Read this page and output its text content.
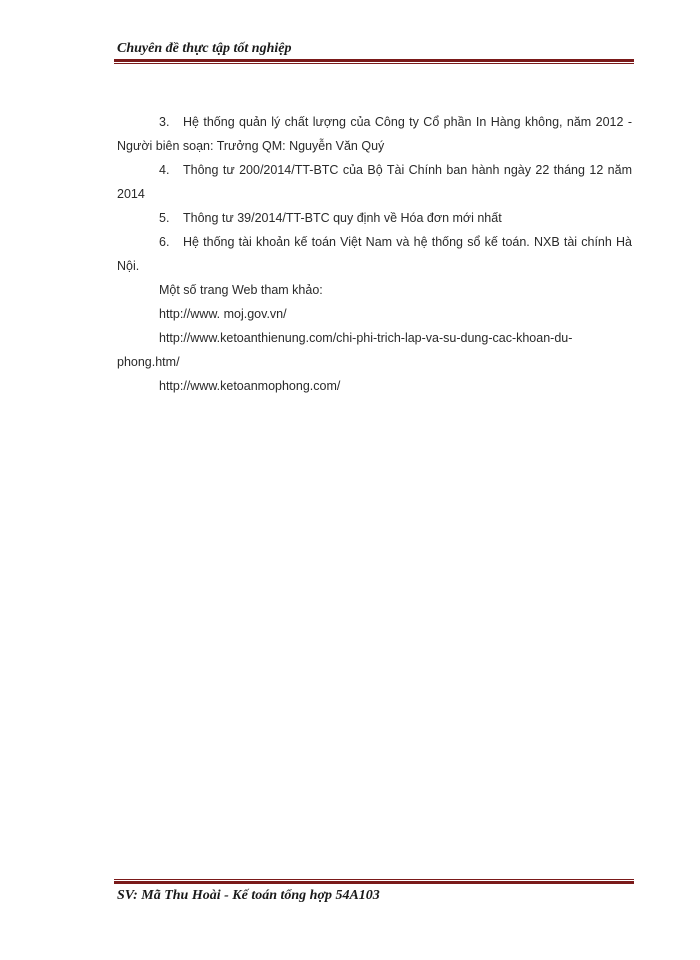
Chuyên đề thực tập tốt nghiệp

3. Hệ thống quản lý chất lượng của Công ty Cổ phần In Hàng không, năm 2012 - Người biên soạn: Trưởng QM: Nguyễn Văn Quý

4. Thông tư 200/2014/TT-BTC của Bộ Tài Chính ban hành ngày 22 tháng 12 năm 2014

5. Thông tư 39/2014/TT-BTC quy định về Hóa đơn mới nhất

6. Hệ thống tài khoản kế toán Việt Nam và hệ thống sổ kế toán. NXB tài chính Hà Nội.

Một số trang Web tham khảo:

http://www. moj.gov.vn/

http://www.ketoanthienung.com/chi-phi-trich-lap-va-su-dung-cac-khoan-du-phong.htm/

http://www.ketoanmophong.com/

SV: Mã Thu Hoài - Kế toán tổng hợp 54A103
